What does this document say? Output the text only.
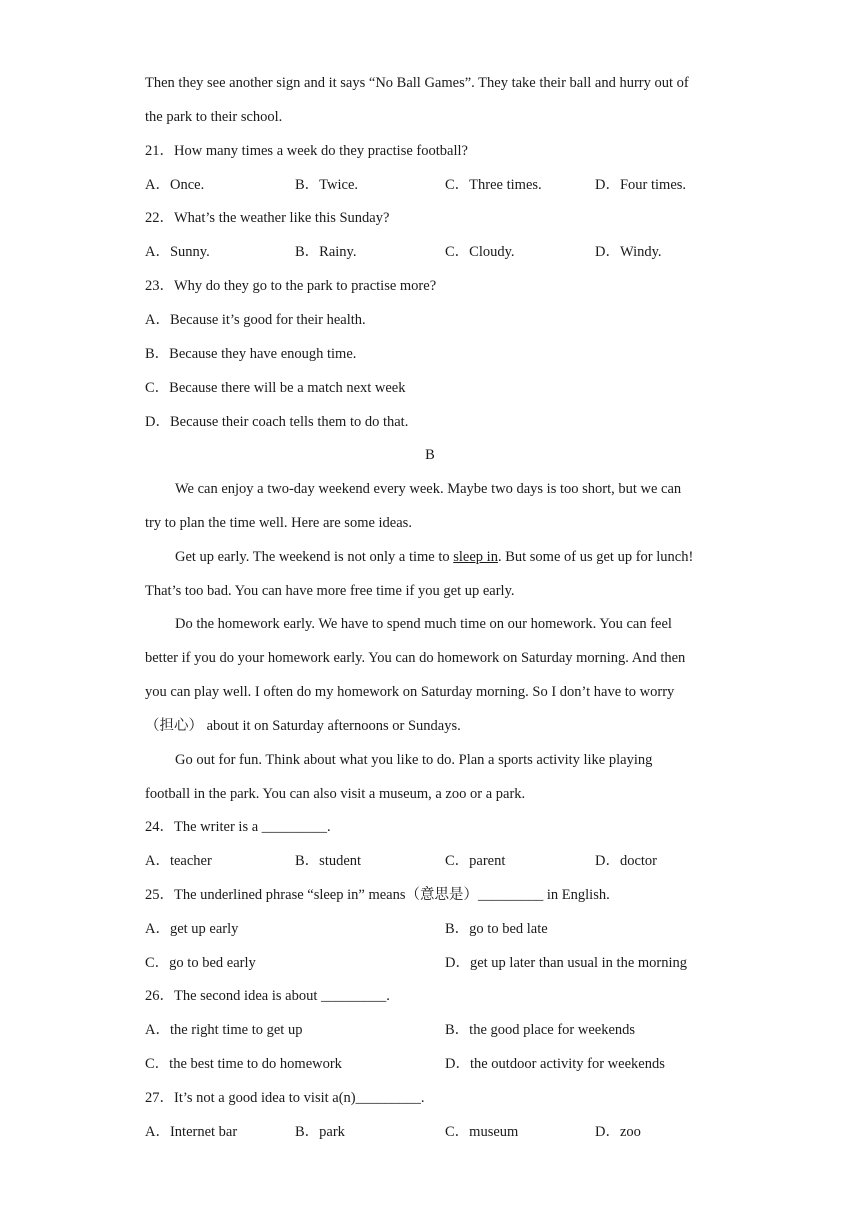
Then they see another sign and it says “No Ball Games”. They take their ball and hurry out of
the park to their school.
21．How many times a week do they practise football?
A．Once.	B．Twice.	C．Three times.	D．Four times.
22．What’s the weather like this Sunday?
A．Sunny.	B．Rainy.	C．Cloudy.	D．Windy.
23．Why do they go to the park to practise more?
A．Because it’s good for their health.
B．Because they have enough time.
C．Because there will be a match next week
D．Because their coach tells them to do that.
B
We can enjoy a two-day weekend every week. Maybe two days is too short, but we can
try to plan the time well. Here are some ideas.
Get up early. The weekend is not only a time to sleep in. But some of us get up for lunch!
That’s too bad. You can have more free time if you get up early.
Do the homework early. We have to spend much time on our homework. You can feel
better if you do your homework early. You can do homework on Saturday morning. And then
you can play well. I often do my homework on Saturday morning. So I don’t have to worry
（担心） about it on Saturday afternoons or Sundays.
Go out for fun. Think about what you like to do. Plan a sports activity like playing
football in the park. You can also visit a museum, a zoo or a park.
24．The writer is a _________.
A．teacher	B．student	C．parent	D．doctor
25．The underlined phrase “sleep in” means（意思是）_________ in English.
A．get up early	B．go to bed late
C．go to bed early	D．get up later than usual in the morning
26．The second idea is about _________.
A．the right time to get up	B．the good place for weekends
C．the best time to do homework	D．the outdoor activity for weekends
27．It’s not a good idea to visit a(n)_________.
A．Internet bar	B．park	C．museum	D．zoo
